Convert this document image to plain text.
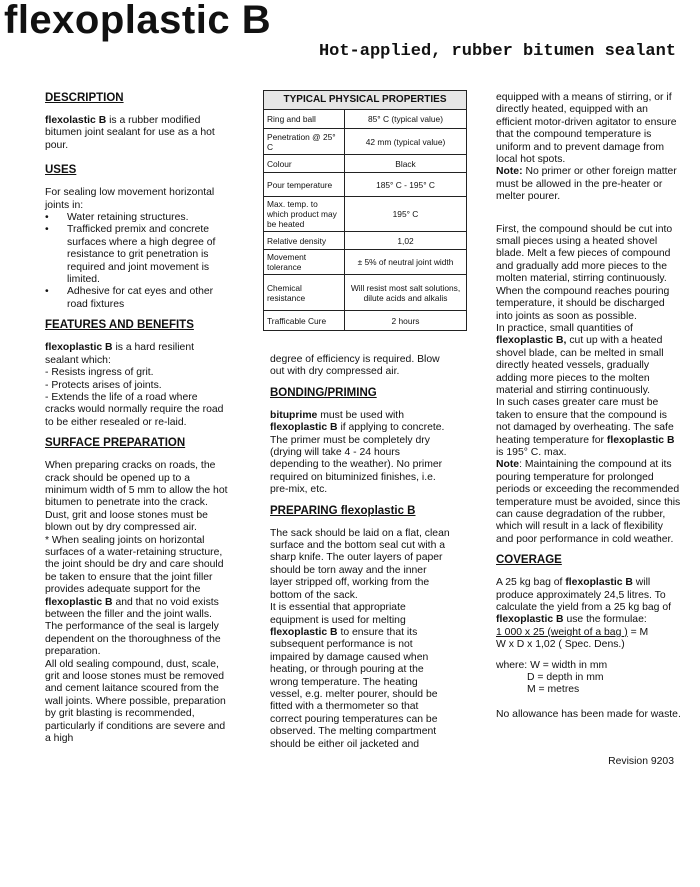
flexoplastic B
Hot-applied, rubber bitumen sealant
DESCRIPTION

flexolastic B is a rubber modified bitumen joint sealant for use as a hot pour.

USES

For sealing low movement horizontal joints in:

• Water retaining structures.
• Trafficked premix and concrete surfaces where a high degree of resistance to grit penetration is required and joint movement is limited.
• Adhesive for cat eyes and other road fixtures
FEATURES AND BENEFITS

flexoplastic B is a hard resilient sealant which:

- Resists ingress of grit.

- Protects arises of joints.

- Extends the life of a road where cracks would normally require the road to be either resealed or re-laid.

SURFACE PREPARATION

When preparing cracks on roads, the crack should be opened up to a minimum width of 5 mm to allow the hot bitumen to penetrate into the crack. Dust, grit and loose stones must be blown out by dry compressed air.

* When sealing joints on horizontal surfaces of a water-retaining structure, the joint should be dry and care should be taken to ensure that the joint filler provides adequate support for the flexoplastic B and that no void exists between the filler and the joint walls. The performance of the seal is largely dependent on the thoroughness of the preparation.

All old sealing compound, dust, scale, grit and loose stones must be removed and cement laitance scoured from the wall joints. Where possible, preparation by grit blasting is recommended, particularly if conditions are severe and a high

TYPICAL PHYSICAL PROPERTIES	
Ring and ball	85° C (typical value)
Penetration @ 25° C	42 mm (typical value)
Colour	Black
Pour temperature	185° C - 195° C
Max. temp. to which product may be heated	195° C
Relative density	1,02
Movement tolerance	± 5% of neutral joint width
Chemical resistance	Will resist most salt solutions, dilute acids and alkalis
Trafficable Cure	2 hours

degree of efficiency is required. Blow out with dry compressed air.

BONDING/PRIMING

bituprime must be used with flexoplastic B if applying to concrete. The primer must be completely dry (drying will take 4 - 24 hours depending to the weather). No primer required on bituminized finishes, i.e. pre-mix, etc.

PREPARING flexoplastic B

The sack should be laid on a flat, clean surface and the bottom seal cut with a sharp knife. The outer layers of paper should be torn away and the inner layer stripped off, working from the bottom of the sack.

It is essential that appropriate equipment is used for melting flexoplastic B to ensure that its subsequent performance is not impaired by damage caused when heating, or through pouring at the wrong temperature. The heating vessel, e.g. melter pourer, should be fitted with a thermometer so that correct pouring temperatures can be observed. The melting compartment should be either oil jacketed and

equipped with a means of stirring, or if directly heated, equipped with an efficient motor-driven agitator to ensure that the compound temperature is uniform and to prevent damage from local hot spots.

Note: No primer or other foreign matter must be allowed in the pre-heater or melter pourer.

First, the compound should be cut into small pieces using a heated shovel blade. Melt a few pieces of compound and gradually add more pieces to the molten material, stirring continuously. When the compound reaches pouring temperature, it should be discharged into joints as soon as possible.

In practice, small quantities of flexoplastic B, cut up with a heated shovel blade, can be melted in small directly heated vessels, gradually adding more pieces to the molten material and stirring continuously.

In such cases greater care must be taken to ensure that the compound is not damaged by overheating. The safe heating temperature for flexoplastic B is 195° C. max.

Note: Maintaining the compound at its pouring temperature for prolonged periods or exceeding the recommended temperature must be avoided, since this can cause degradation of the rubber, which will result in a lack of flexibility and poor performance in cold weather.

COVERAGE

A 25 kg bag of flexoplastic B will produce approximately 24,5 litres. To calculate the yield from a 25 kg bag of flexoplastic B use the formulae:

1 000 x 25 (weight of a bag ) = M

W x D x 1,02 ( Spec. Dens.)

where: W = width in mm

D = depth in mm

M = metres

No allowance has been made for waste.

Revision 9203
